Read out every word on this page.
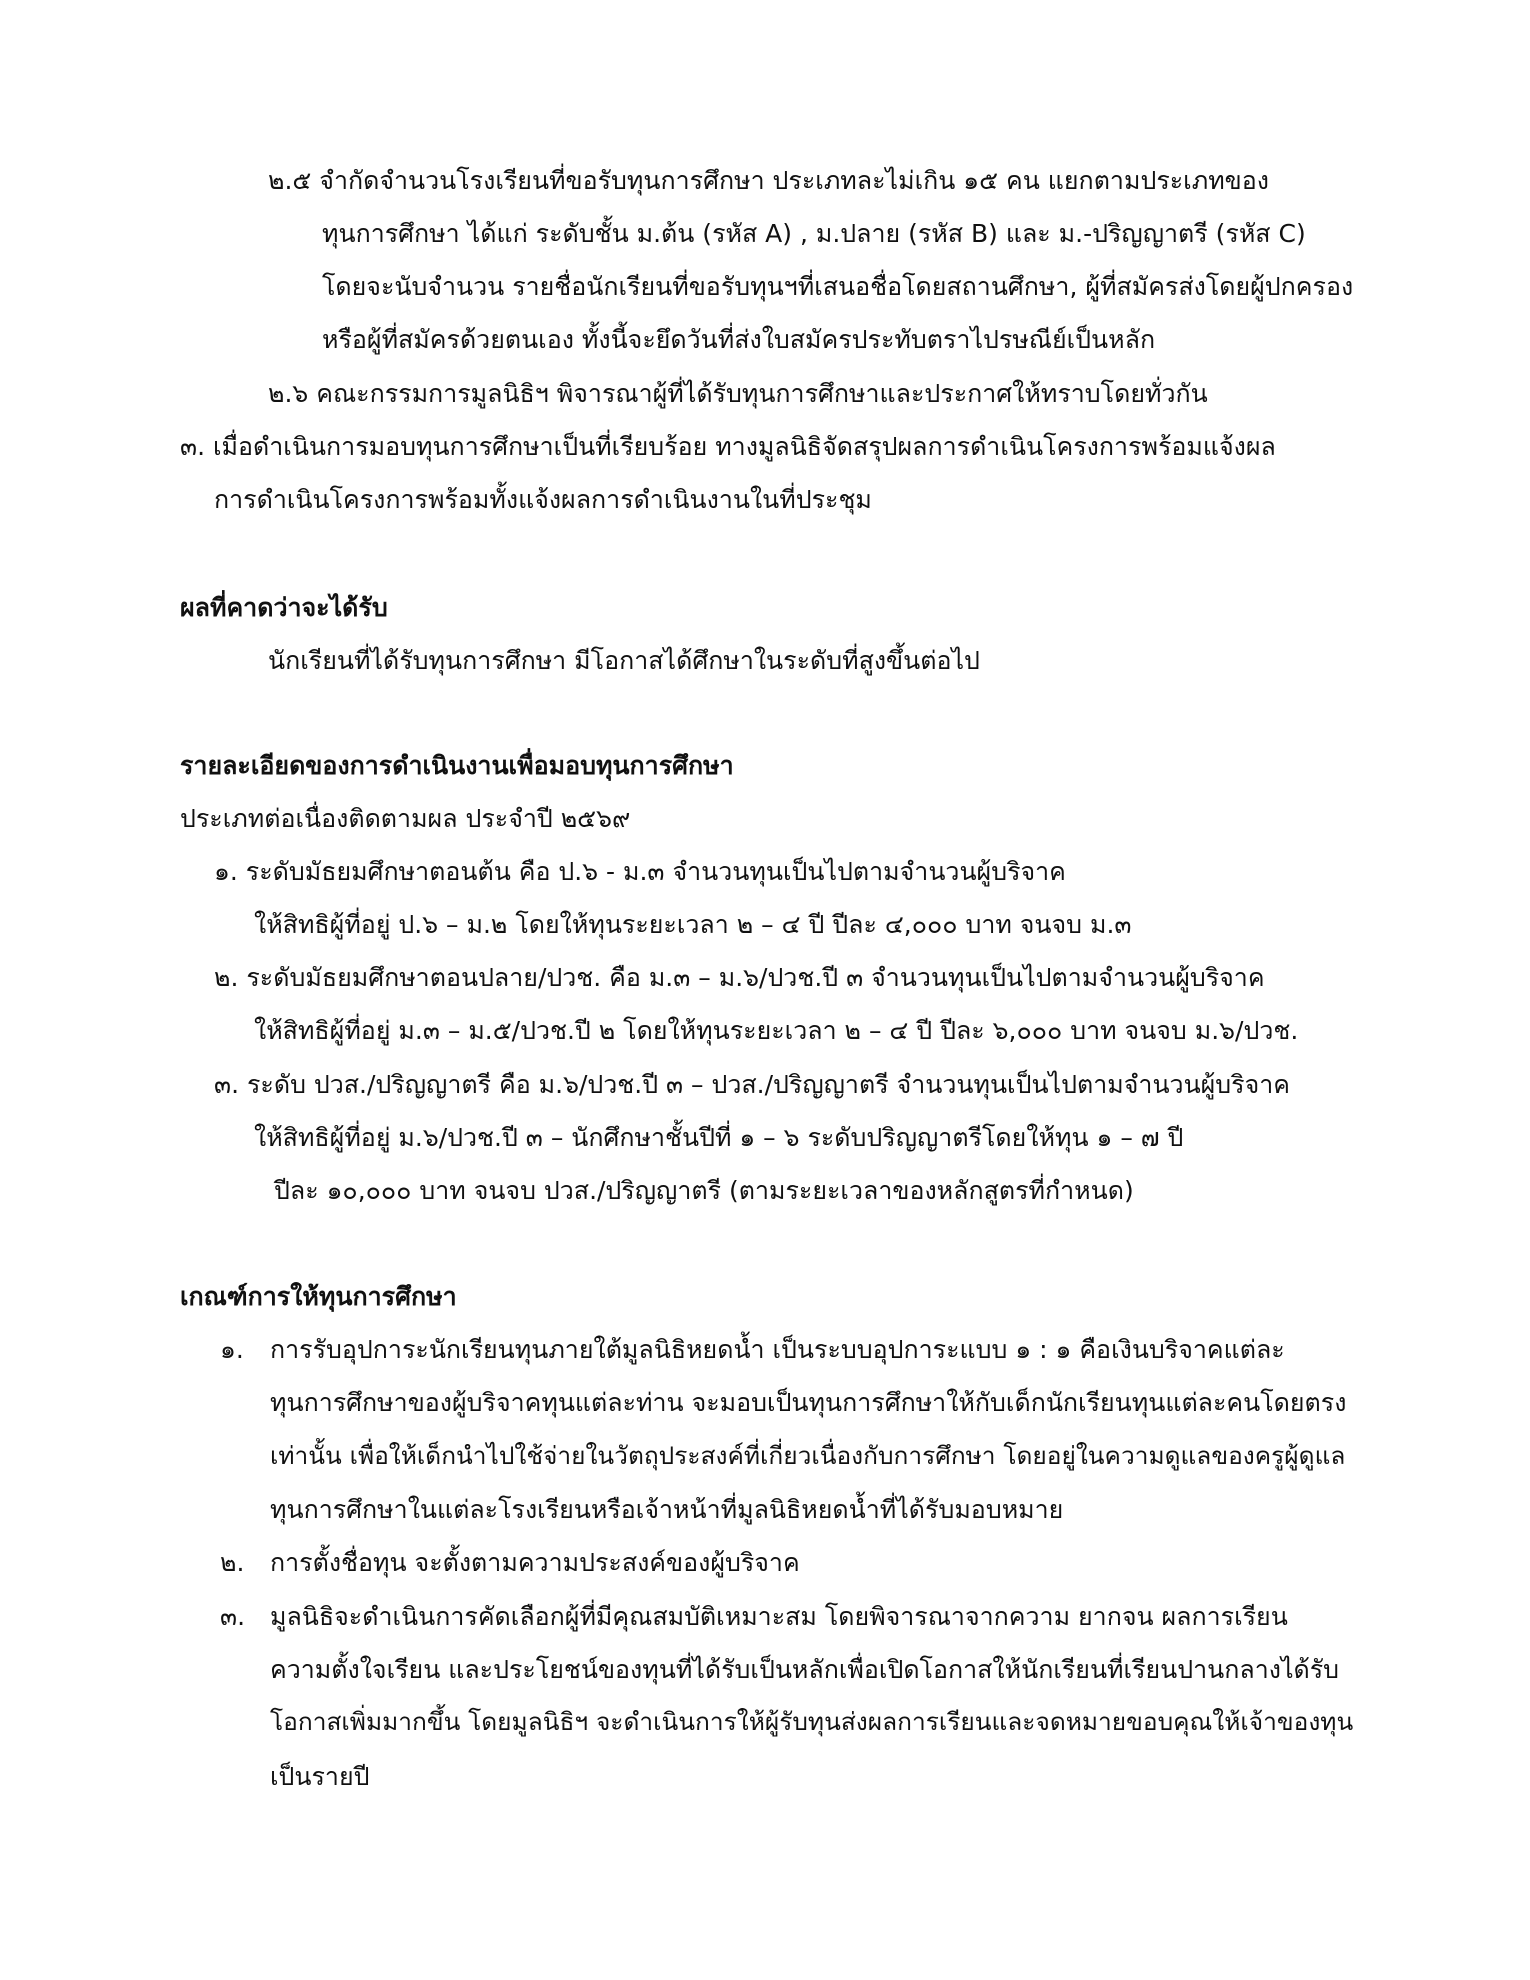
๒.๕ จำกัดจำนวนโรงเรียนที่ขอรับทุนการศึกษา ประเภทละไม่เกิน ๑๕ คน แยกตามประเภทของ
ทุนการศึกษา ได้แก่ ระดับชั้น ม.ต้น (รหัส A) , ม.ปลาย (รหัส B) และ ม.-ปริญญาตรี (รหัส C)
โดยจะนับจำนวน รายชื่อนักเรียนที่ขอรับทุนฯที่เสนอชื่อโดยสถานศึกษา, ผู้ที่สมัครส่งโดยผู้ปกครอง
หรือผู้ที่สมัครด้วยตนเอง ทั้งนี้จะยึดวันที่ส่งใบสมัครประทับตราไปรษณีย์เป็นหลัก
๒.๖ คณะกรรมการมูลนิธิฯ พิจารณาผู้ที่ได้รับทุนการศึกษาและประกาศให้ทราบโดยทั่วกัน
๓. เมื่อดำเนินการมอบทุนการศึกษาเป็นที่เรียบร้อย ทางมูลนิธิจัดสรุปผลการดำเนินโครงการพร้อมแจ้งผล
การดำเนินโครงการพร้อมทั้งแจ้งผลการดำเนินงานในที่ประชุม
ผลที่คาดว่าจะได้รับ
นักเรียนที่ได้รับทุนการศึกษา มีโอกาสได้ศึกษาในระดับที่สูงขึ้นต่อไป
รายละเอียดของการดำเนินงานเพื่อมอบทุนการศึกษา
ประเภทต่อเนื่องติดตามผล ประจำปี ๒๕๖๙
๑. ระดับมัธยมศึกษาตอนต้น คือ ป.๖ - ม.๓ จำนวนทุนเป็นไปตามจำนวนผู้บริจาค
ให้สิทธิผู้ที่อยู่ ป.๖ – ม.๒ โดยให้ทุนระยะเวลา ๒ – ๔ ปี ปีละ ๔,๐๐๐ บาท จนจบ ม.๓
๒. ระดับมัธยมศึกษาตอนปลาย/ปวช. คือ ม.๓ – ม.๖/ปวช.ปี ๓ จำนวนทุนเป็นไปตามจำนวนผู้บริจาค
ให้สิทธิผู้ที่อยู่ ม.๓ – ม.๕/ปวช.ปี ๒ โดยให้ทุนระยะเวลา ๒ – ๔ ปี ปีละ ๖,๐๐๐ บาท จนจบ ม.๖/ปวช.
๓. ระดับ ปวส./ปริญญาตรี คือ ม.๖/ปวช.ปี ๓ – ปวส./ปริญญาตรี จำนวนทุนเป็นไปตามจำนวนผู้บริจาค
ให้สิทธิผู้ที่อยู่ ม.๖/ปวช.ปี ๓ – นักศึกษาชั้นปีที่ ๑ – ๖ ระดับปริญญาตรีโดยให้ทุน ๑ – ๗ ปี
ปีละ ๑๐,๐๐๐ บาท จนจบ ปวส./ปริญญาตรี (ตามระยะเวลาของหลักสูตรที่กำหนด)
เกณฑ์การให้ทุนการศึกษา
๑. การรับอุปการะนักเรียนทุนภายใต้มูลนิธิหยดน้ำ เป็นระบบอุปการะแบบ ๑ : ๑ คือเงินบริจาคแต่ละ
ทุนการศึกษาของผู้บริจาคทุนแต่ละท่าน จะมอบเป็นทุนการศึกษาให้กับเด็กนักเรียนทุนแต่ละคนโดยตรง
เท่านั้น เพื่อให้เด็กนำไปใช้จ่ายในวัตถุประสงค์ที่เกี่ยวเนื่องกับการศึกษา โดยอยู่ในความดูแลของครูผู้ดูแล
ทุนการศึกษาในแต่ละโรงเรียนหรือเจ้าหน้าที่มูลนิธิหยดน้ำที่ได้รับมอบหมาย
๒. การตั้งชื่อทุน จะตั้งตามความประสงค์ของผู้บริจาค
๓. มูลนิธิจะดำเนินการคัดเลือกผู้ที่มีคุณสมบัติเหมาะสม โดยพิจารณาจากความ ยากจน ผลการเรียน
ความตั้งใจเรียน และประโยชน์ของทุนที่ได้รับเป็นหลักเพื่อเปิดโอกาสให้นักเรียนที่เรียนปานกลางได้รับ
โอกาสเพิ่มมากขึ้น โดยมูลนิธิฯ จะดำเนินการให้ผู้รับทุนส่งผลการเรียนและจดหมายขอบคุณให้เจ้าของทุน
เป็นรายปี
